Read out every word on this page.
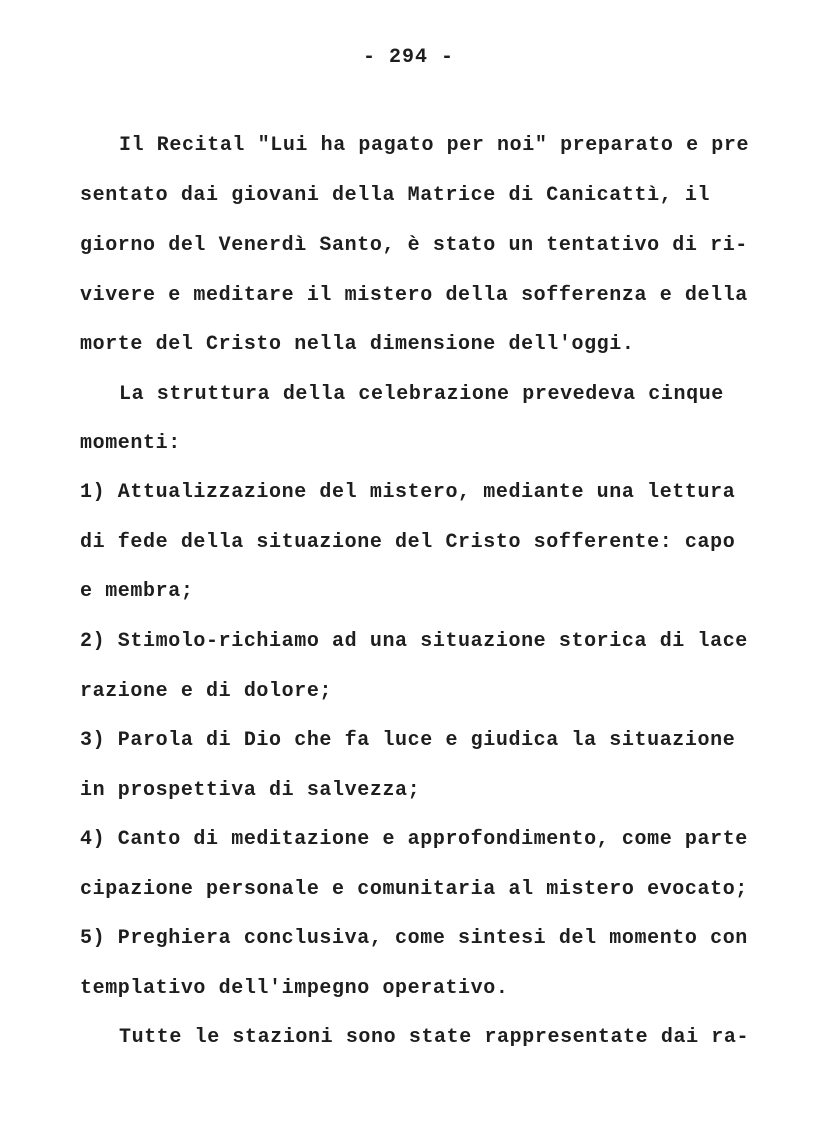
- 294 -
Il Recital "Lui ha pagato per noi" preparato e pre
sentato dai giovani della Matrice di Canicattì, il
giorno del Venerdì Santo, è stato un tentativo di ri-
vivere e meditare il mistero della sofferenza e della
morte del Cristo nella dimensione dell'oggi.
La struttura della celebrazione prevedeva cinque
momenti:
1) Attualizzazione del mistero, mediante una lettura
di fede della situazione del Cristo sofferente: capo
e membra;
2) Stimolo-richiamo ad una situazione storica di lace
razione e di dolore;
3) Parola di Dio che fa luce e giudica la situazione
in prospettiva di salvezza;
4) Canto di meditazione e approfondimento, come parte
cipazione personale e comunitaria al mistero evocato;
5) Preghiera conclusiva, come sintesi del momento con
templativo dell'impegno operativo.
Tutte le stazioni sono state rappresentate dai ra-
